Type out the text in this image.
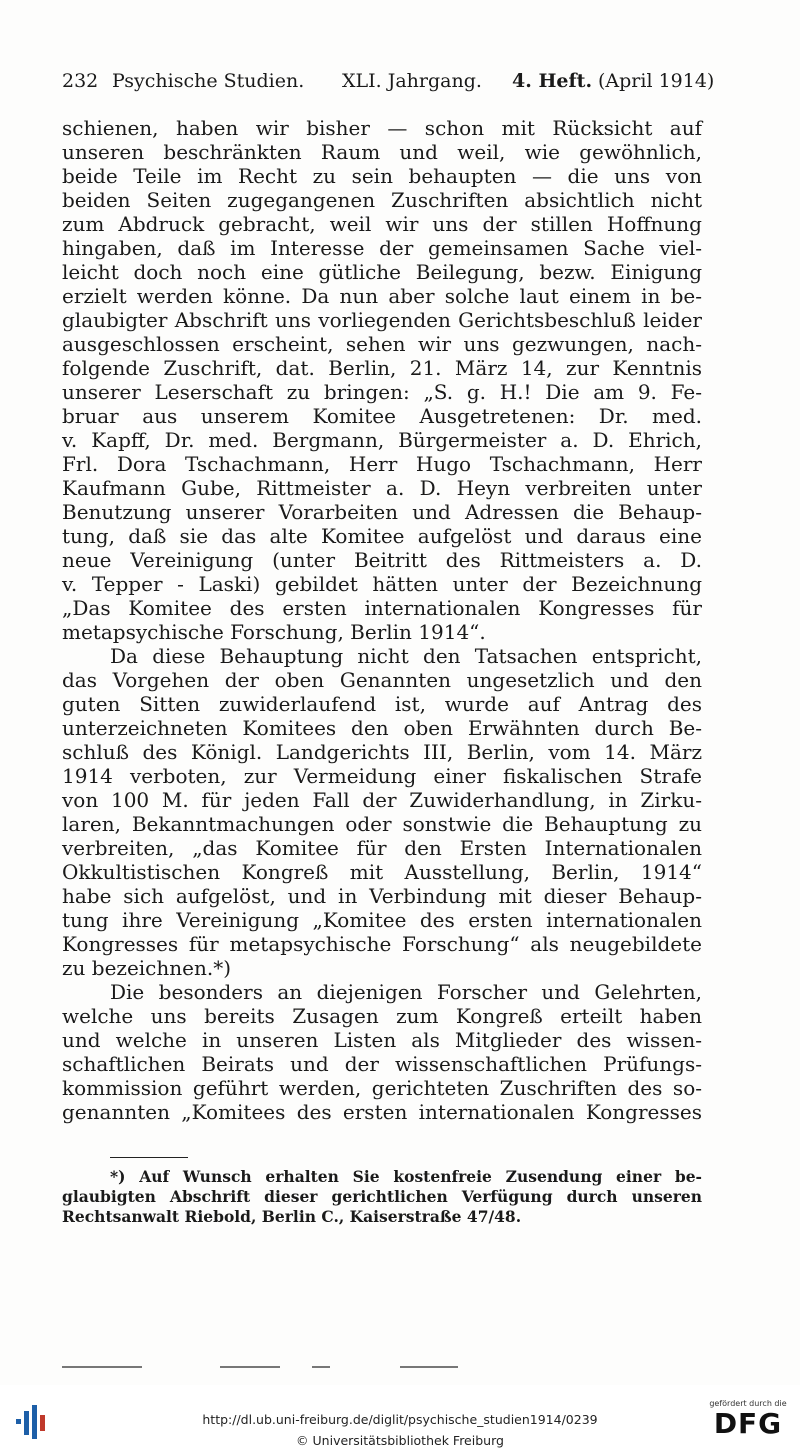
232 Psychische Studien. XLI. Jahrgang. 4. Heft. (April 1914)
schienen, haben wir bisher — schon mit Rücksicht auf
unseren beschränkten Raum und weil, wie gewöhnlich,
beide Teile im Recht zu sein behaupten — die uns von
beiden Seiten zugegangenen Zuschriften absichtlich nicht
zum Abdruck gebracht, weil wir uns der stillen Hoffnung
hingaben, daß im Interesse der gemeinsamen Sache viel-
leicht doch noch eine gütliche Beilegung, bezw. Einigung
erzielt werden könne. Da nun aber solche laut einem in be-
glaubigter Abschrift uns vorliegenden Gerichtsbeschluß leider
ausgeschlossen erscheint, sehen wir uns gezwungen, nach-
folgende Zuschrift, dat. Berlin, 21. März 14, zur Kenntnis
unserer Leserschaft zu bringen: „S. g. H.! Die am 9. Fe-
bruar aus unserem Komitee Ausgetretenen: Dr. med.
v. Kapff, Dr. med. Bergmann, Bürgermeister a. D. Ehrich,
Frl. Dora Tschachmann, Herr Hugo Tschachmann, Herr
Kaufmann Gube, Rittmeister a. D. Heyn verbreiten unter
Benutzung unserer Vorarbeiten und Adressen die Behaup-
tung, daß sie das alte Komitee aufgelöst und daraus eine
neue Vereinigung (unter Beitritt des Rittmeisters a. D.
v. Tepper - Laski) gebildet hätten unter der Bezeichnung
„Das Komitee des ersten internationalen Kongresses für
metapsychische Forschung, Berlin 1914“.
Da diese Behauptung nicht den Tatsachen entspricht,
das Vorgehen der oben Genannten ungesetzlich und den
guten Sitten zuwiderlaufend ist, wurde auf Antrag des
unterzeichneten Komitees den oben Erwähnten durch Be-
schluß des Königl. Landgerichts III, Berlin, vom 14. März
1914 verboten, zur Vermeidung einer fiskalischen Strafe
von 100 M. für jeden Fall der Zuwiderhandlung, in Zirku-
laren, Bekanntmachungen oder sonstwie die Behauptung zu
verbreiten, „das Komitee für den Ersten Internationalen
Okkultistischen Kongreß mit Ausstellung, Berlin, 1914“
habe sich aufgelöst, und in Verbindung mit dieser Behaup-
tung ihre Vereinigung „Komitee des ersten internationalen
Kongresses für metapsychische Forschung“ als neugebildete
zu bezeichnen.*)
Die besonders an diejenigen Forscher und Gelehrten,
welche uns bereits Zusagen zum Kongreß erteilt haben
und welche in unseren Listen als Mitglieder des wissen-
schaftlichen Beirats und der wissenschaftlichen Prüfungs-
kommission geführt werden, gerichteten Zuschriften des so-
genannten „Komitees des ersten internationalen Kongresses
*) Auf Wunsch erhalten Sie kostenfreie Zusendung einer be-
glaubigten Abschrift dieser gerichtlichen Verfügung durch unseren
Rechtsanwalt Riebold, Berlin C., Kaiserstraße 47/48.
http://dl.ub.uni-freiburg.de/diglit/psychische_studien1914/0239
© Universitätsbibliothek Freiburg
gefördert durch die
DFG
